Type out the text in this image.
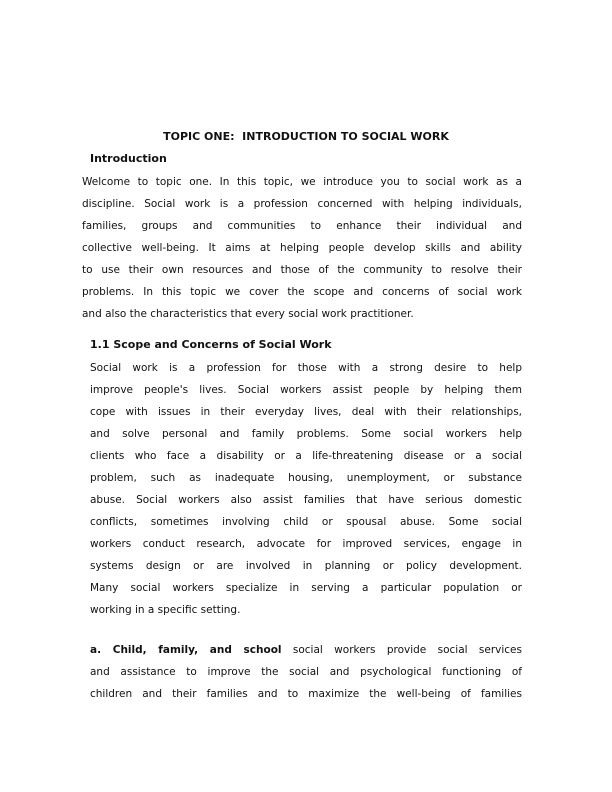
TOPIC ONE:  INTRODUCTION TO SOCIAL WORK
Introduction
Welcome to topic one. In this topic, we introduce you to social work as a
discipline. Social work is a profession concerned with helping individuals,
families, groups and communities to enhance their individual and
collective well-being. It aims at helping people develop skills and ability
to use their own resources and those of the community to resolve their
problems. In this topic we cover the scope and concerns of social work
and also the characteristics that every social work practitioner.
1.1 Scope and Concerns of Social Work
Social work is a profession for those with a strong desire to help
improve people's lives. Social workers assist people by helping them
cope with issues in their everyday lives, deal with their relationships,
and solve personal and family problems. Some social workers help
clients who face a disability or a life-threatening disease or a social
problem, such as inadequate housing, unemployment, or substance
abuse. Social workers also assist families that have serious domestic
conflicts, sometimes involving child or spousal abuse. Some social
workers conduct research, advocate for improved services, engage in
systems design or are involved in planning or policy development.
Many social workers specialize in serving a particular population or
working in a specific setting.
a. Child, family, and school social workers provide social services
and assistance to improve the social and psychological functioning of
children and their families and to maximize the well-being of families
